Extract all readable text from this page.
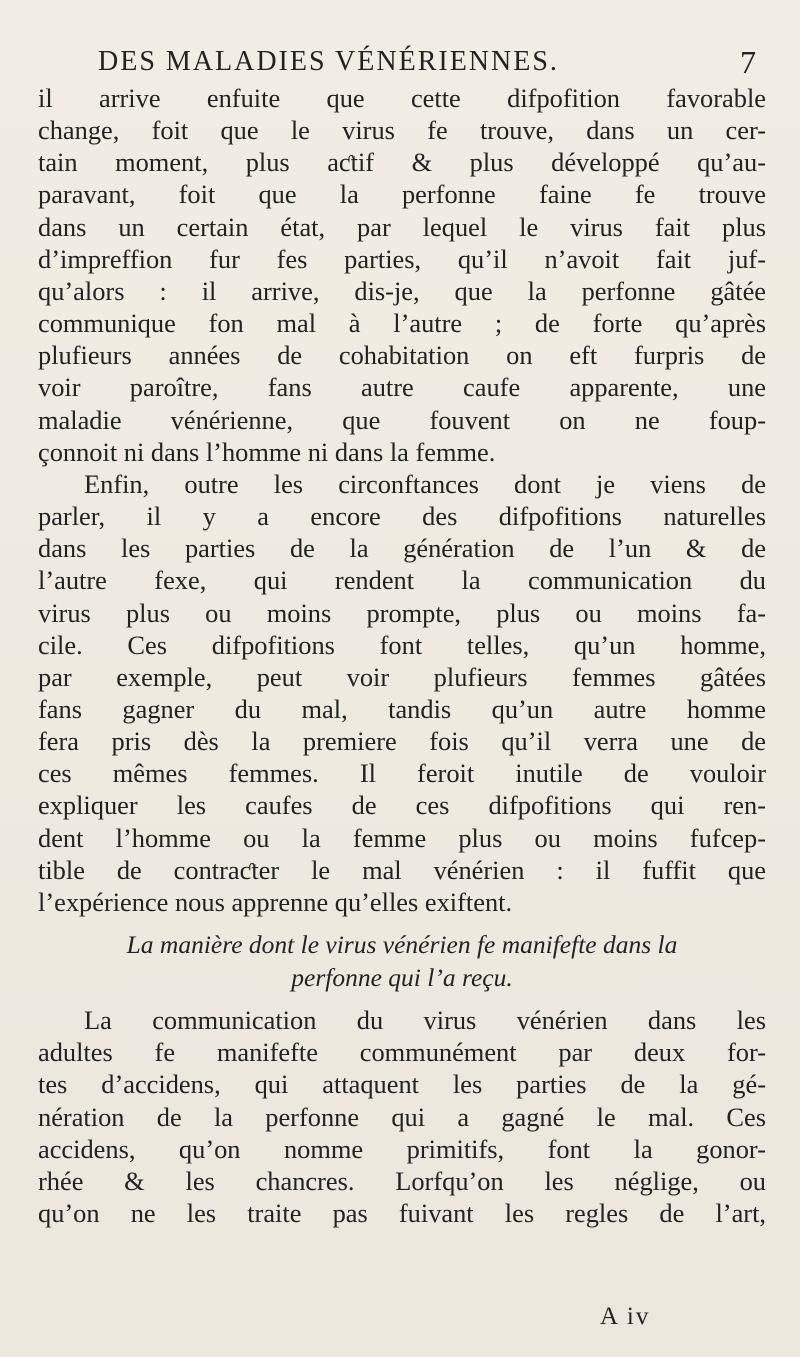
DES MALADIES VÉNÉRIENNES.	7

il arrive enfuite que cette difpofition favorable
change, foit que le virus fe trouve, dans un cer-
tain moment, plus aƈtif & plus développé qu’au-
paravant, foit que la perfonne faine fe trouve
dans un certain état, par lequel le virus fait plus
d’impreffion fur fes parties, qu’il n’avoit fait juf-
qu’alors : il arrive, dis-je, que la perfonne gâtée
communique fon mal à l’autre ; de forte qu’après
plufieurs années de cohabitation on eft furpris de
voir paroître, fans autre caufe apparente, une
maladie vénérienne, que fouvent on ne foup-
çonnoit ni dans l’homme ni dans la femme.

Enfin, outre les circonftances dont je viens de
parler, il y a encore des difpofitions naturelles
dans les parties de la génération de l’un & de
l’autre fexe, qui rendent la communication du
virus plus ou moins prompte, plus ou moins fa-
cile. Ces difpofitions font telles, qu’un homme,
par exemple, peut voir plufieurs femmes gâtées
fans gagner du mal, tandis qu’un autre homme
fera pris dès la premiere fois qu’il verra une de
ces mêmes femmes. Il feroit inutile de vouloir
expliquer les caufes de ces difpofitions qui ren-
dent l’homme ou la femme plus ou moins fufcep-
tible de contraƈter le mal vénérien : il fuffit que
l’expérience nous apprenne qu’elles exiftent.

La manière dont le virus vénérien fe manifefte dans la
perfonne qui l’a reçu.

La communication du virus vénérien dans les
adultes fe manifefte communément par deux for-
tes d’accidens, qui attaquent les parties de la gé-
nération de la perfonne qui a gagné le mal. Ces
accidens, qu’on nomme primitifs, font la gonor-
rhée & les chancres. Lorfqu’on les néglige, ou
qu’on ne les traite pas fuivant les regles de l’art,

A iv
